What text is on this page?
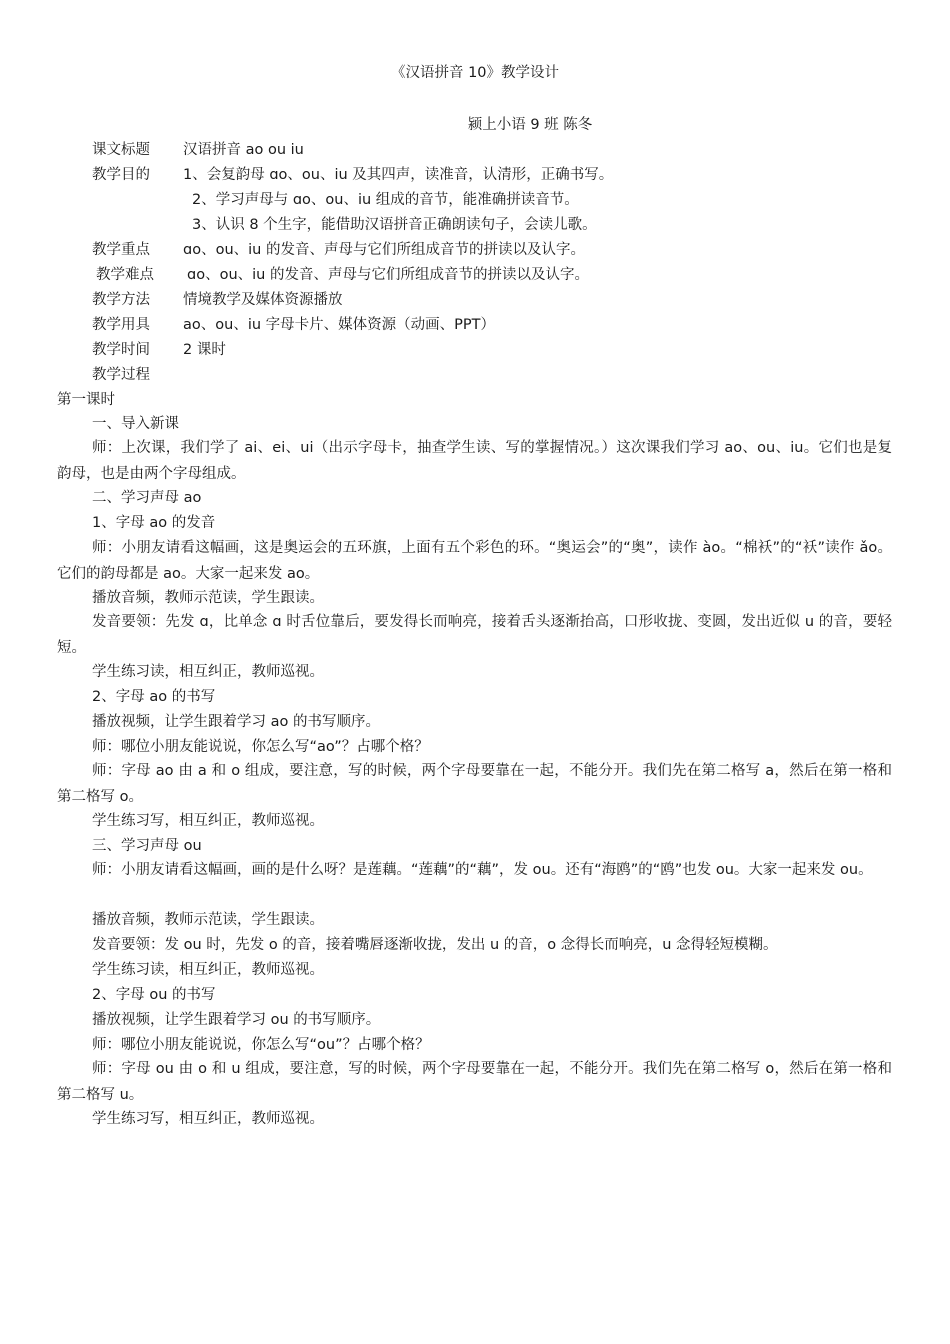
《汉语拼音 10》教学设计
颍上小语 9 班 陈冬
课文标题 汉语拼音 ao ou iu
教学目的 1、会复韵母 ɑo、ou、iu 及其四声，读准音，认清形，正确书写。
2、学习声母与 ɑo、ou、iu 组成的音节，能准确拼读音节。
3、认识 8 个生字，能借助汉语拼音正确朗读句子，会读儿歌。
教学重点 ɑo、ou、iu 的发音、声母与它们所组成音节的拼读以及认字。
教学难点 ɑo、ou、iu 的发音、声母与它们所组成音节的拼读以及认字。
教学方法 情境教学及媒体资源播放
教学用具 ao、ou、iu 字母卡片、媒体资源（动画、PPT）
教学时间 2 课时
教学过程
第一课时
一、导入新课
师：上次课，我们学了 ai、ei、ui（出示字母卡，抽查学生读、写的掌握情况。）这次课我们学习 ao、ou、iu。它们也是复韵母，也是由两个字母组成。
二、学习声母 ao
1、字母 ao 的发音
师：小朋友请看这幅画，这是奥运会的五环旗，上面有五个彩色的环。“奥运会”的“奥”，读作 ào。“棉袄”的“袄”读作 ǎo。它们的韵母都是 ao。大家一起来发 ao。
播放音频，教师示范读，学生跟读。
发音要领：先发 ɑ，比单念 ɑ 时舌位靠后，要发得长而响亮，接着舌头逐渐抬高，口形收拢、变圆，发出近似 u 的音，要轻短。
学生练习读，相互纠正，教师巡视。
2、字母 ao 的书写
播放视频，让学生跟着学习 ao 的书写顺序。
师：哪位小朋友能说说，你怎么写“ao”？占哪个格？
师：字母 ao 由 a 和 o 组成，要注意，写的时候，两个字母要靠在一起，不能分开。我们先在第二格写 a，然后在第一格和第二格写 o。
学生练习写，相互纠正，教师巡视。
三、学习声母 ou
师：小朋友请看这幅画，画的是什么呀？是莲藕。“莲藕”的“藕”，发 ou。还有“海鸥”的“鸥”也发 ou。大家一起来发 ou。
播放音频，教师示范读，学生跟读。
发音要领：发 ou 时，先发 o 的音，接着嘴唇逐渐收拢，发出 u 的音，o 念得长而响亮，u 念得轻短模糊。
学生练习读，相互纠正，教师巡视。
2、字母 ou 的书写
播放视频，让学生跟着学习 ou 的书写顺序。
师：哪位小朋友能说说，你怎么写“ou”？占哪个格？
师：字母 ou 由 o 和 u 组成，要注意，写的时候，两个字母要靠在一起，不能分开。我们先在第二格写 o，然后在第一格和第二格写 u。
学生练习写，相互纠正，教师巡视。
